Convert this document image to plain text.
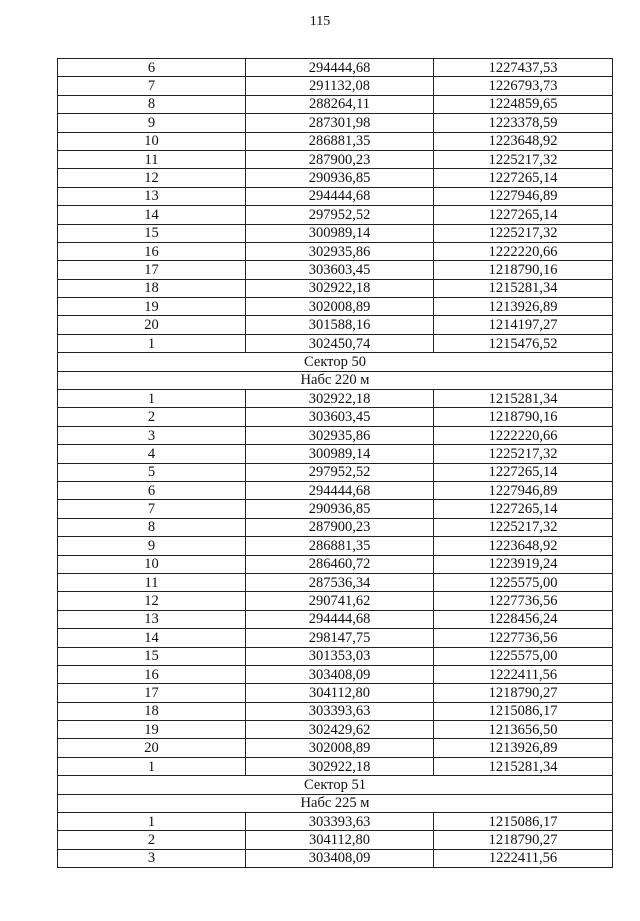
115
6	294444,68	1227437,53
7	291132,08	1226793,73
8	288264,11	1224859,65
9	287301,98	1223378,59
10	286881,35	1223648,92
11	287900,23	1225217,32
12	290936,85	1227265,14
13	294444,68	1227946,89
14	297952,52	1227265,14
15	300989,14	1225217,32
16	302935,86	1222220,66
17	303603,45	1218790,16
18	302922,18	1215281,34
19	302008,89	1213926,89
20	301588,16	1214197,27
1	302450,74	1215476,52
Сектор 50		
Набс 220 м		
1	302922,18	1215281,34
2	303603,45	1218790,16
3	302935,86	1222220,66
4	300989,14	1225217,32
5	297952,52	1227265,14
6	294444,68	1227946,89
7	290936,85	1227265,14
8	287900,23	1225217,32
9	286881,35	1223648,92
10	286460,72	1223919,24
11	287536,34	1225575,00
12	290741,62	1227736,56
13	294444,68	1228456,24
14	298147,75	1227736,56
15	301353,03	1225575,00
16	303408,09	1222411,56
17	304112,80	1218790,27
18	303393,63	1215086,17
19	302429,62	1213656,50
20	302008,89	1213926,89
1	302922,18	1215281,34
Сектор 51		
Набс 225 м		
1	303393,63	1215086,17
2	304112,80	1218790,27
3	303408,09	1222411,56
